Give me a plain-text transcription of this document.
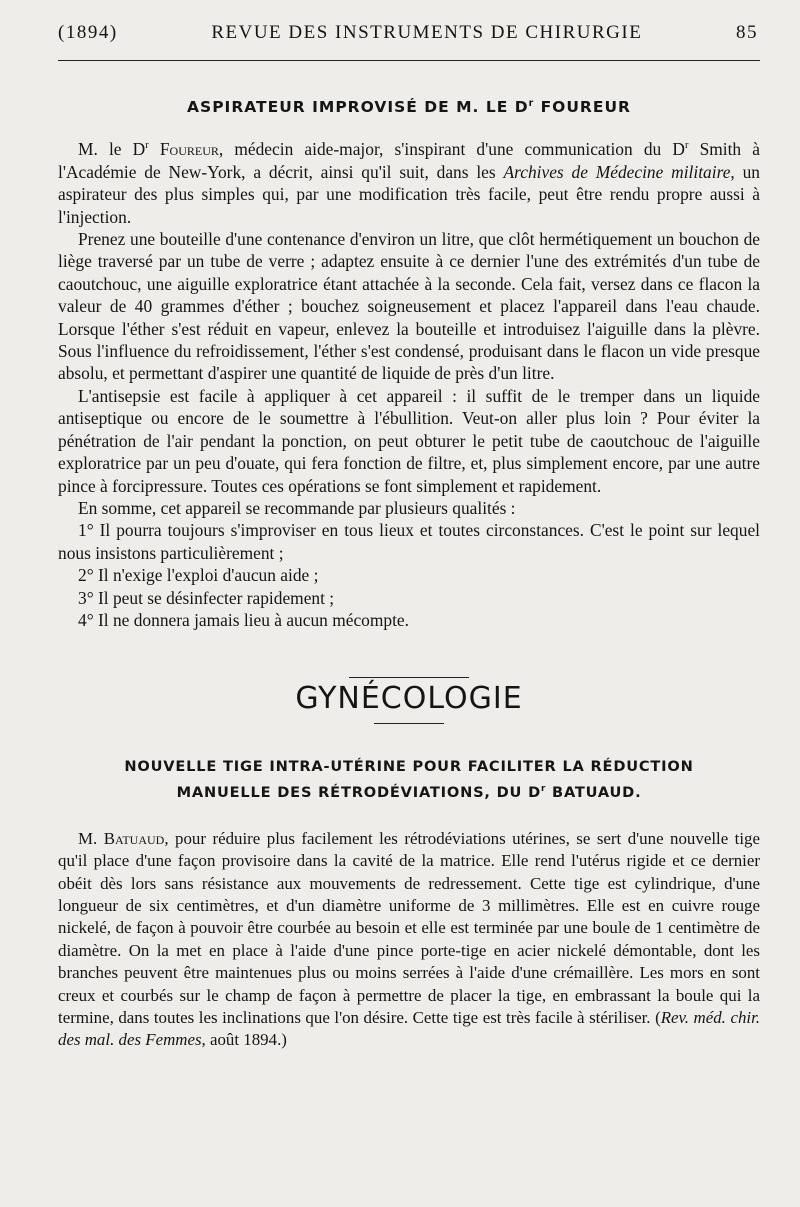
(1894)	REVUE DES INSTRUMENTS DE CHIRURGIE	85
ASPIRATEUR IMPROVISÉ DE M. LE $D^r$ FOUREUR

M. le $D^r$ Foureur, médecin aide-major, s'inspirant d'une communication du $D^r$ Smith à l'Académie de New-York, a décrit, ainsi qu'il suit, dans les Archives de Médecine militaire, un aspirateur des plus simples qui, par une modification très facile, peut être rendu propre aussi à l'injection.

Prenez une bouteille d'une contenance d'environ un litre, que clôt hermétiquement un bouchon de liège traversé par un tube de verre ; adaptez ensuite à ce dernier l'une des extrémités d'un tube de caoutchouc, une aiguille exploratrice étant attachée à la seconde. Cela fait, versez dans ce flacon la valeur de 40 grammes d'éther ; bouchez soigneusement et placez l'appareil dans l'eau chaude. Lorsque l'éther s'est réduit en vapeur, enlevez la bouteille et introduisez l'aiguille dans la plèvre. Sous l'influence du refroidissement, l'éther s'est condensé, produisant dans le flacon un vide presque absolu, et permettant d'aspirer une quantité de liquide de près d'un litre.

L'antisepsie est facile à appliquer à cet appareil : il suffit de le tremper dans un liquide antiseptique ou encore de le soumettre à l'ébullition. Veut-on aller plus loin ? Pour éviter la pénétration de l'air pendant la ponction, on peut obturer le petit tube de caoutchouc de l'aiguille exploratrice par un peu d'ouate, qui fera fonction de filtre, et, plus simplement encore, par une autre pince à forcipressure. Toutes ces opérations se font simplement et rapidement.

En somme, cet appareil se recommande par plusieurs qualités :

1° Il pourra toujours s'improviser en tous lieux et toutes circonstances. C'est le point sur lequel nous insistons particulièrement ;

2° Il n'exige l'exploi d'aucun aide ;

3° Il peut se désinfecter rapidement ;

4° Il ne donnera jamais lieu à aucun mécompte.

GYNÉCOLOGIE
NOUVELLE TIGE INTRA-UTÉRINE POUR FACILITER LA RÉDUCTION
MANUELLE DES RÉTRODÉVIATIONS, DU $D^r$ BATUAUD.

M. Batuaud, pour réduire plus facilement les rétrodéviations utérines, se sert d'une nouvelle tige qu'il place d'une façon provisoire dans la cavité de la matrice. Elle rend l'utérus rigide et ce dernier obéit dès lors sans résistance aux mouvements de redressement. Cette tige est cylindrique, d'une longueur de six centimètres, et d'un diamètre uniforme de 3 millimètres. Elle est en cuivre rouge nickelé, de façon à pouvoir être courbée au besoin et elle est terminée par une boule de 1 centimètre de diamètre. On la met en place à l'aide d'une pince porte-tige en acier nickelé démontable, dont les branches peuvent être maintenues plus ou moins serrées à l'aide d'une crémaillère. Les mors en sont creux et courbés sur le champ de façon à permettre de placer la tige, en embrassant la boule qui la termine, dans toutes les inclinations que l'on désire. Cette tige est très facile à stériliser. (Rev. méd. chir. des mal. des Femmes, août 1894.)
